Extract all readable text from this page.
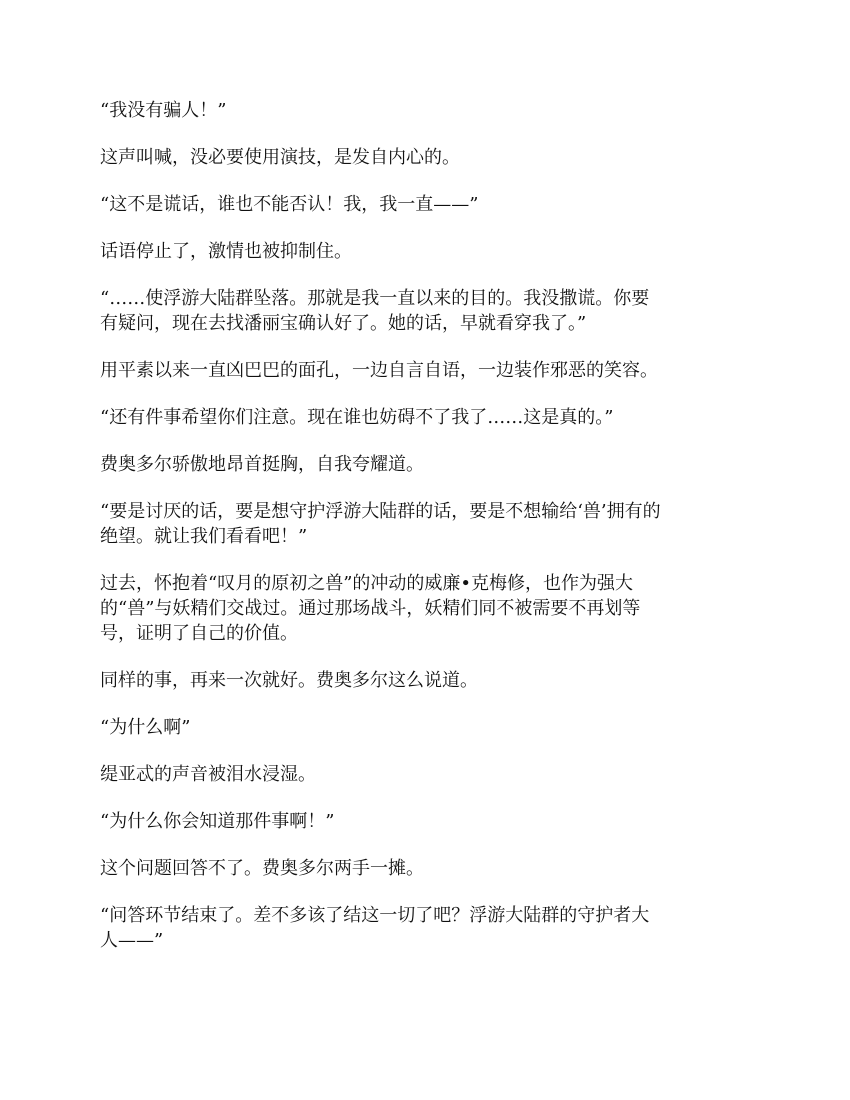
“我没有骗人！”

这声叫喊，没必要使用演技，是发自内心的。

“这不是谎话，谁也不能否认！我，我一直——”

话语停止了，激情也被抑制住。

“……使浮游大陆群坠落。那就是我一直以来的目的。我没撒谎。你要
有疑问，现在去找潘丽宝确认好了。她的话，早就看穿我了。”

用平素以来一直凶巴巴的面孔，一边自言自语，一边装作邪恶的笑容。

“还有件事希望你们注意。现在谁也妨碍不了我了……这是真的。”

费奥多尔骄傲地昂首挺胸，自我夸耀道。

“要是讨厌的话，要是想守护浮游大陆群的话，要是不想输给‘兽’拥有的
绝望。就让我们看看吧！”

过去，怀抱着“叹月的原初之兽”的冲动的威廉•克梅修，也作为强大
的“兽”与妖精们交战过。通过那场战斗，妖精们同不被需要不再划等
号，证明了自己的价值。

同样的事，再来一次就好。费奥多尔这么说道。

“为什么啊”

缇亚忒的声音被泪水浸湿。

“为什么你会知道那件事啊！”

这个问题回答不了。费奥多尔两手一摊。

“问答环节结束了。差不多该了结这一切了吧？浮游大陆群的守护者大
人——”
